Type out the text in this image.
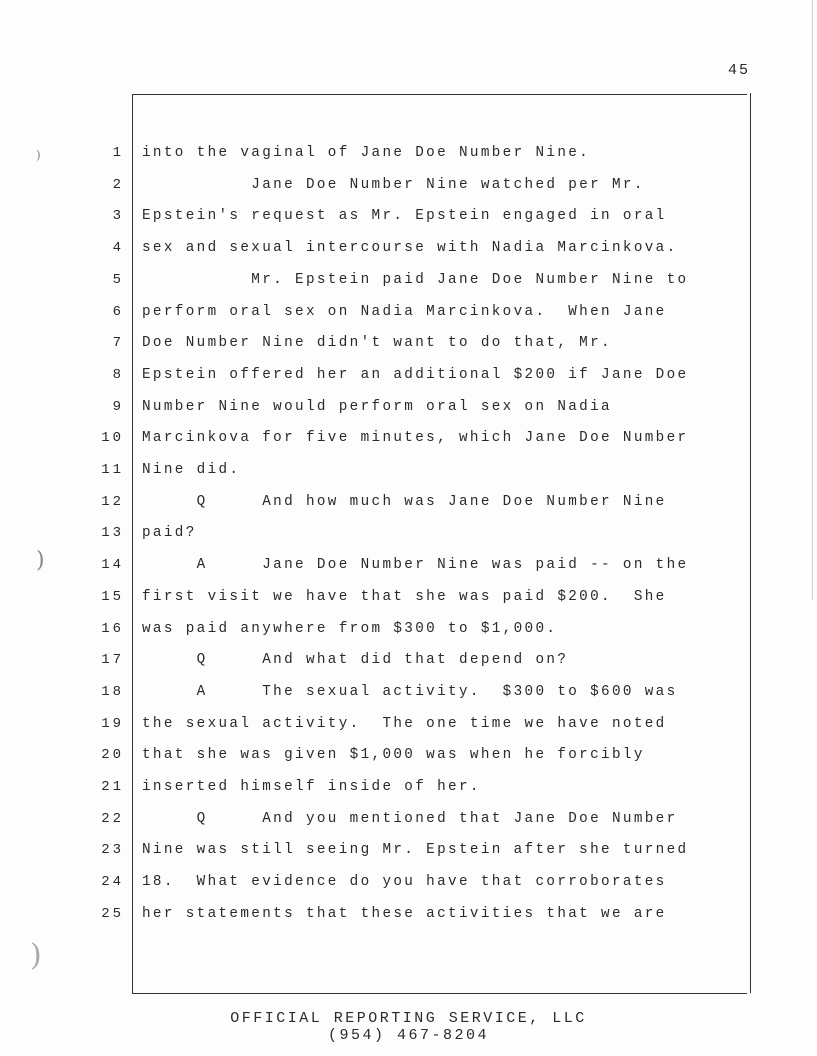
45
1 into the vaginal of Jane Doe Number Nine.
2 Jane Doe Number Nine watched per Mr.
3 Epstein's request as Mr. Epstein engaged in oral
4 sex and sexual intercourse with Nadia Marcinkova.
5 Mr. Epstein paid Jane Doe Number Nine to
6 perform oral sex on Nadia Marcinkova.  When Jane
7 Doe Number Nine didn't want to do that, Mr.
8 Epstein offered her an additional $200 if Jane Doe
9 Number Nine would perform oral sex on Nadia
10 Marcinkova for five minutes, which Jane Doe Number
11 Nine did.
12 Q     And how much was Jane Doe Number Nine
13 paid?
14 A     Jane Doe Number Nine was paid -- on the
15 first visit we have that she was paid $200.  She
16 was paid anywhere from $300 to $1,000.
17 Q     And what did that depend on?
18 A     The sexual activity.  $300 to $600 was
19 the sexual activity.  The one time we have noted
20 that she was given $1,000 was when he forcibly
21 inserted himself inside of her.
22 Q     And you mentioned that Jane Doe Number
23 Nine was still seeing Mr. Epstein after she turned
24 18.  What evidence do you have that corroborates
25 her statements that these activities that we are
OFFICIAL REPORTING SERVICE, LLC
(954) 467-8204
)
)
)
